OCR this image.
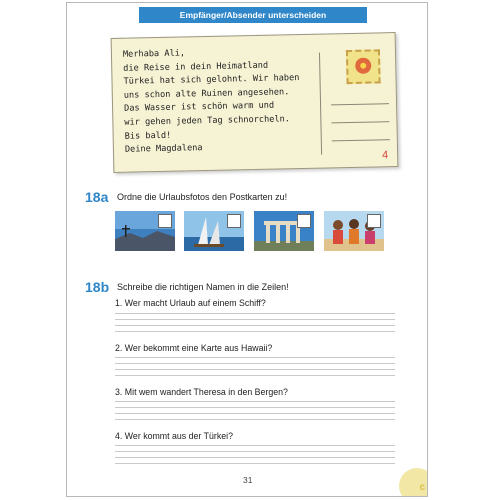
Empfänger/Absender unterscheiden
Merhaba Ali,
die Reise in dein Heimatland
Türkei hat sich gelohnt. Wir haben
uns schon alte Ruinen angesehen.
Das Wasser ist schön warm und
wir gehen jeden Tag schnorcheln.
Bis bald!
Deine Magdalena
4
18a Ordne die Urlaubsfotos den Postkarten zu!
18b Schreibe die richtigen Namen in die Zeilen!
1. Wer macht Urlaub auf einem Schiff?
2. Wer bekommt eine Karte aus Hawaii?
3. Mit wem wandert Theresa in den Bergen?
4. Wer kommt aus der Türkei?
31
c
